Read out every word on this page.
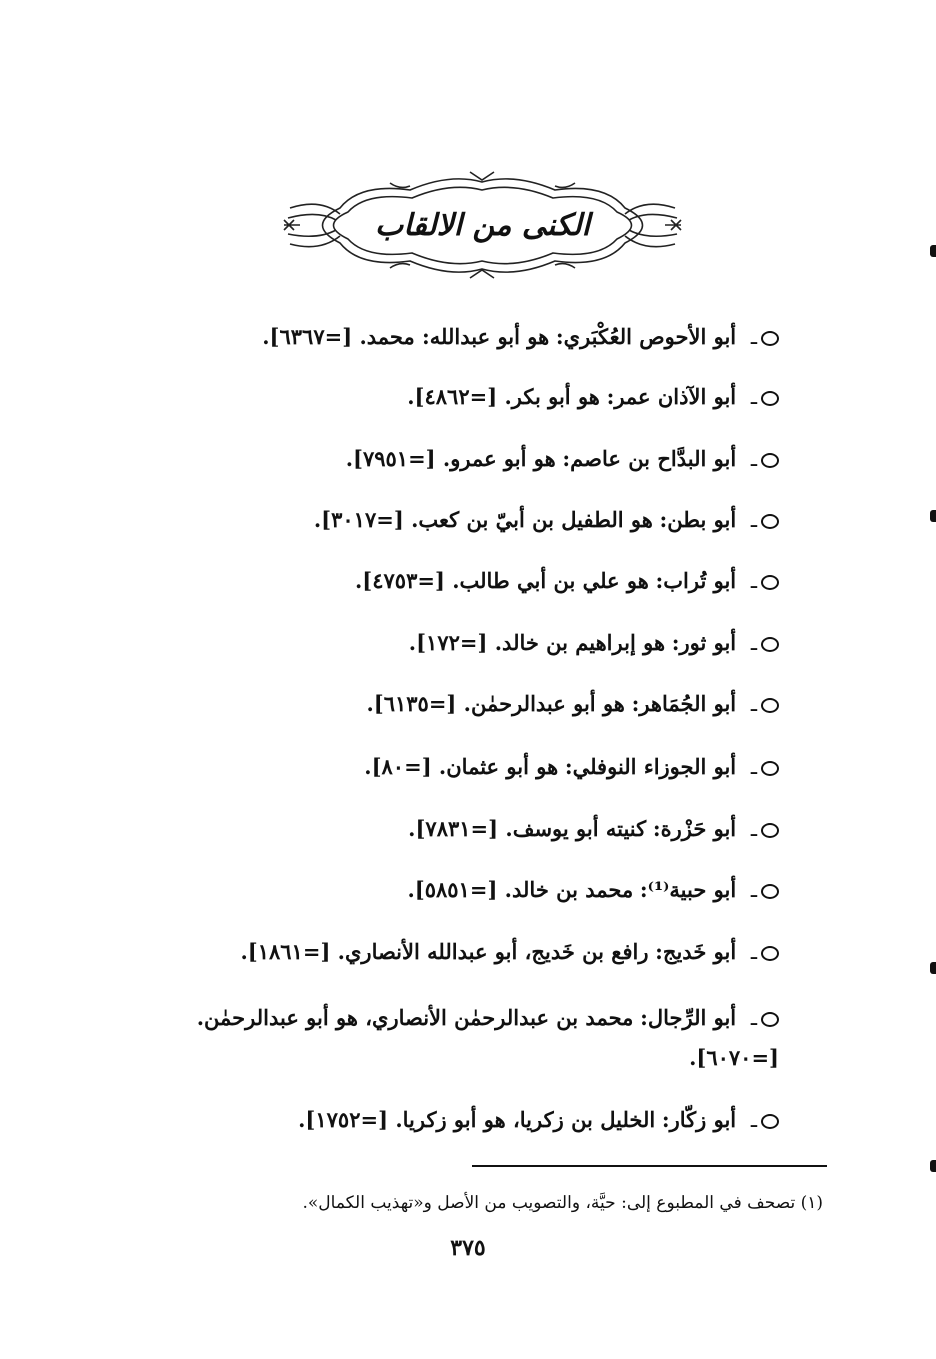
الكنى من الالقاب
ـ أبو الأحوص العُكْبَري: هو أبو عبدالله: محمد. [=٦٣٦٧].
ـ أبو الآذان عمر: هو أبو بكر. [=٤٨٦٢].
ـ أبو البدَّاح بن عاصم: هو أبو عمرو. [=٧٩٥١].
ـ أبو بطن: هو الطفيل بن أبيّ بن كعب. [=٣٠١٧].
ـ أبو تُراب: هو علي بن أبي طالب. [=٤٧٥٣].
ـ أبو ثور: هو إبراهيم بن خالد. [=١٧٢].
ـ أبو الجُمَاهر: هو أبو عبدالرحمٰن. [=٦١٣٥].
ـ أبو الجوزاء النوفلي: هو أبو عثمان. [=٨٠].
ـ أبو حَزْرة: كنيته أبو يوسف. [=٧٨٣١].
ـ أبو حبية⁽¹⁾: محمد بن خالد. [=٥٨٥١].
ـ أبو خَديج: رافع بن خَديج، أبو عبدالله الأنصاري. [=١٨٦١].
ـ أبو الرِّجال: محمد بن عبدالرحمٰن الأنصاري، هو أبو عبدالرحمٰن. [=٦٠٧٠].
ـ أبو زكّار: الخليل بن زكريا، هو أبو زكريا. [=١٧٥٢].
(١) تصحف في المطبوع إلى: حيَّة، والتصويب من الأصل و«تهذيب الكمال».
٣٧٥
